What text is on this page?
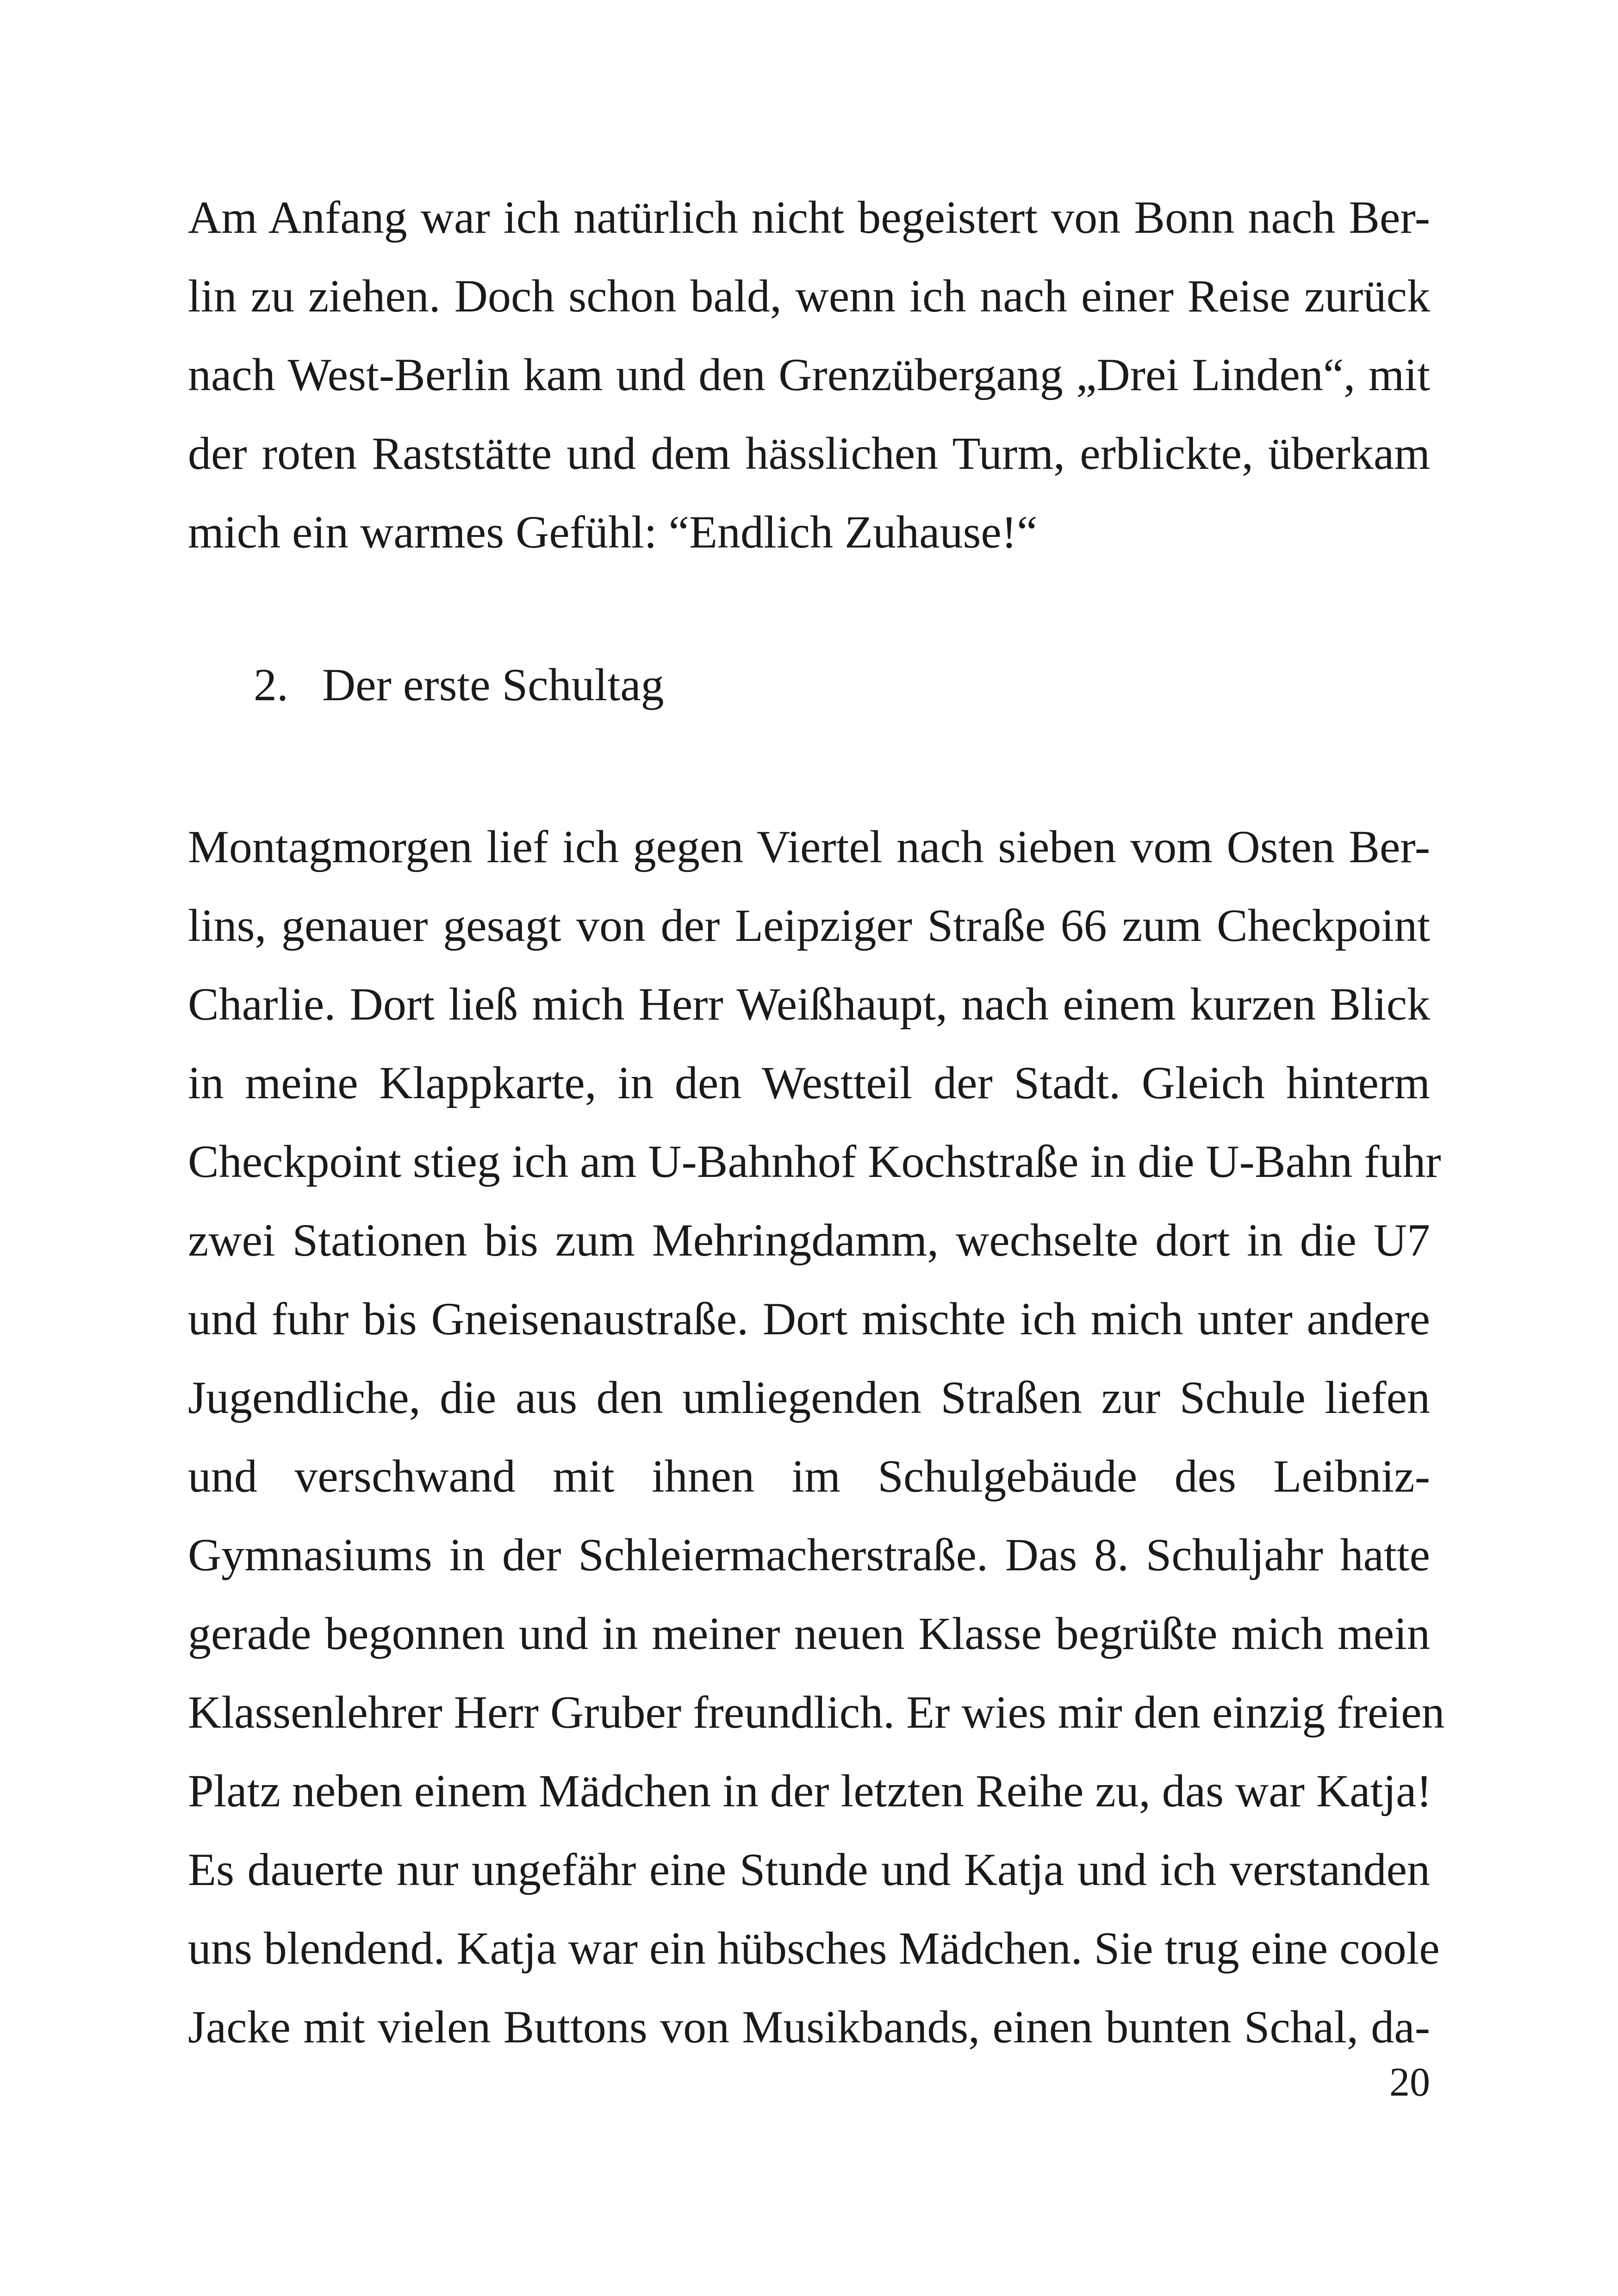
Am Anfang war ich natürlich nicht begeistert von Bonn nach Ber-
lin zu ziehen. Doch schon bald, wenn ich nach einer Reise zurück
nach West-Berlin kam und den Grenzübergang „Drei Linden“, mit
der roten Raststätte und dem hässlichen Turm, erblickte, überkam
mich ein warmes Gefühl: “Endlich Zuhause!“
2. Der erste Schultag
Montagmorgen lief ich gegen Viertel nach sieben vom Osten Ber-
lins, genauer gesagt von der Leipziger Straße 66 zum Checkpoint
Charlie. Dort ließ mich Herr Weißhaupt, nach einem kurzen Blick
in meine Klappkarte, in den Westteil der Stadt. Gleich hinterm
Checkpoint stieg ich am U-Bahnhof Kochstraße in die U-Bahn fuhr
zwei Stationen bis zum Mehringdamm, wechselte dort in die U7
und fuhr bis Gneisenaustraße. Dort mischte ich mich unter andere
Jugendliche, die aus den umliegenden Straßen zur Schule liefen
und verschwand mit ihnen im Schulgebäude des Leibniz-
Gymnasiums in der Schleiermacherstraße. Das 8. Schuljahr hatte
gerade begonnen und in meiner neuen Klasse begrüßte mich mein
Klassenlehrer Herr Gruber freundlich. Er wies mir den einzig freien
Platz neben einem Mädchen in der letzten Reihe zu, das war Katja!
Es dauerte nur ungefähr eine Stunde und Katja und ich verstanden
uns blendend. Katja war ein hübsches Mädchen. Sie trug eine coole
Jacke mit vielen Buttons von Musikbands, einen bunten Schal, da-
20
